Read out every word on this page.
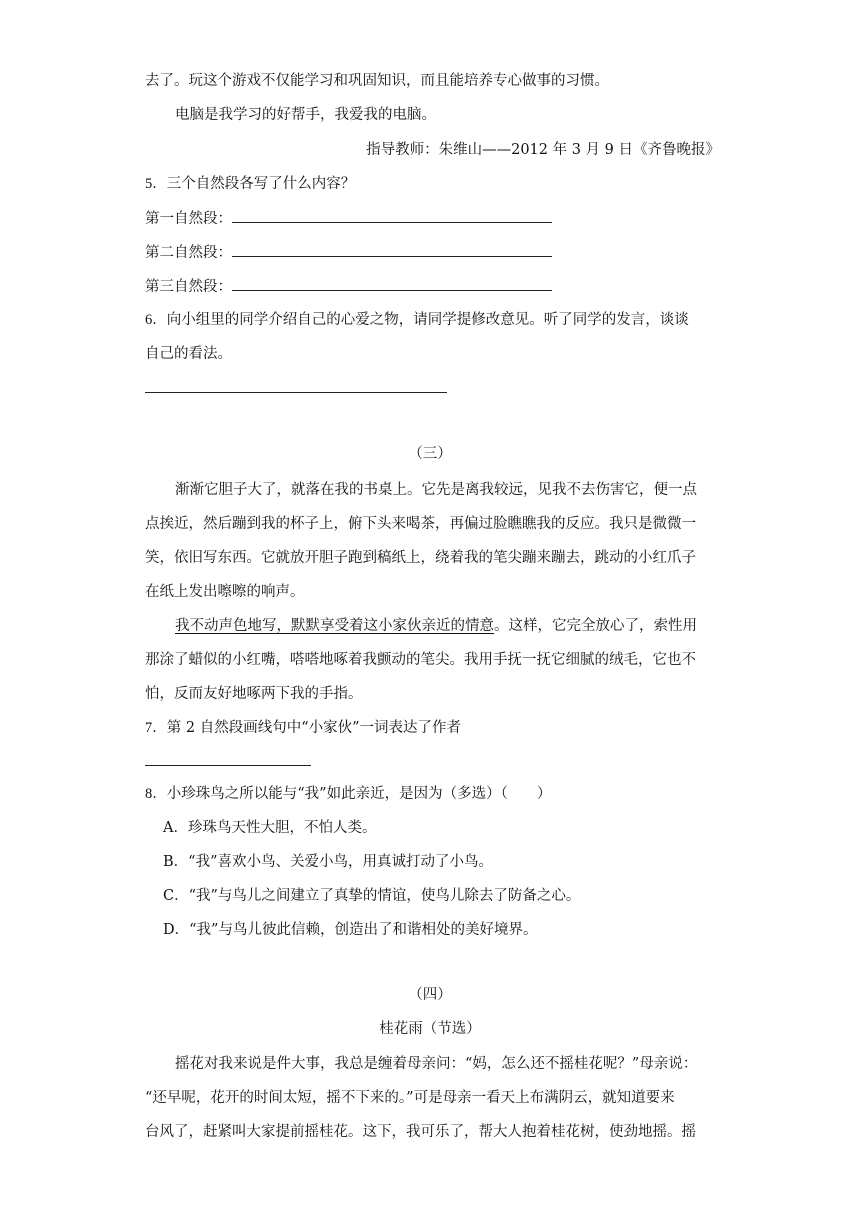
去了。玩这个游戏不仅能学习和巩固知识，而且能培养专心做事的习惯。
电脑是我学习的好帮手，我爱我的电脑。
指导教师：朱维山——2012 年 3 月 9 日《齐鲁晚报》
5．三个自然段各写了什么内容？
第一自然段：
第二自然段：
第三自然段：
6．向小组里的同学介绍自己的心爱之物，请同学提修改意见。听了同学的发言，谈谈
自己的看法。
（三）
渐渐它胆子大了，就落在我的书桌上。它先是离我较远，见我不去伤害它，便一点
点挨近，然后蹦到我的杯子上，俯下头来喝茶，再偏过脸瞧瞧我的反应。我只是微微一
笑，依旧写东西。它就放开胆子跑到稿纸上，绕着我的笔尖蹦来蹦去，跳动的小红爪子
在纸上发出嚓嚓的响声。
我不动声色地写，默默享受着这小家伙亲近的情意。这样，它完全放心了，索性用
那涂了蜡似的小红嘴，嗒嗒地啄着我颤动的笔尖。我用手抚一抚它细腻的绒毛，它也不
怕，反而友好地啄两下我的手指。
7．第 2 自然段画线句中“小家伙”一词表达了作者
8．小珍珠鸟之所以能与“我”如此亲近，是因为（多选）（　　）
A．珍珠鸟天性大胆，不怕人类。
B．“我”喜欢小鸟、关爱小鸟，用真诚打动了小鸟。
C．“我”与鸟儿之间建立了真挚的情谊，使鸟儿除去了防备之心。
D．“我”与鸟儿彼此信赖，创造出了和谐相处的美好境界。
（四）
桂花雨（节选）
摇花对我来说是件大事，我总是缠着母亲问：“妈，怎么还不摇桂花呢？”母亲说：
“还早呢，花开的时间太短，摇不下来的。”可是母亲一看天上布满阴云，就知道要来
台风了，赶紧叫大家提前摇桂花。这下，我可乐了，帮大人抱着桂花树，使劲地摇。摇
